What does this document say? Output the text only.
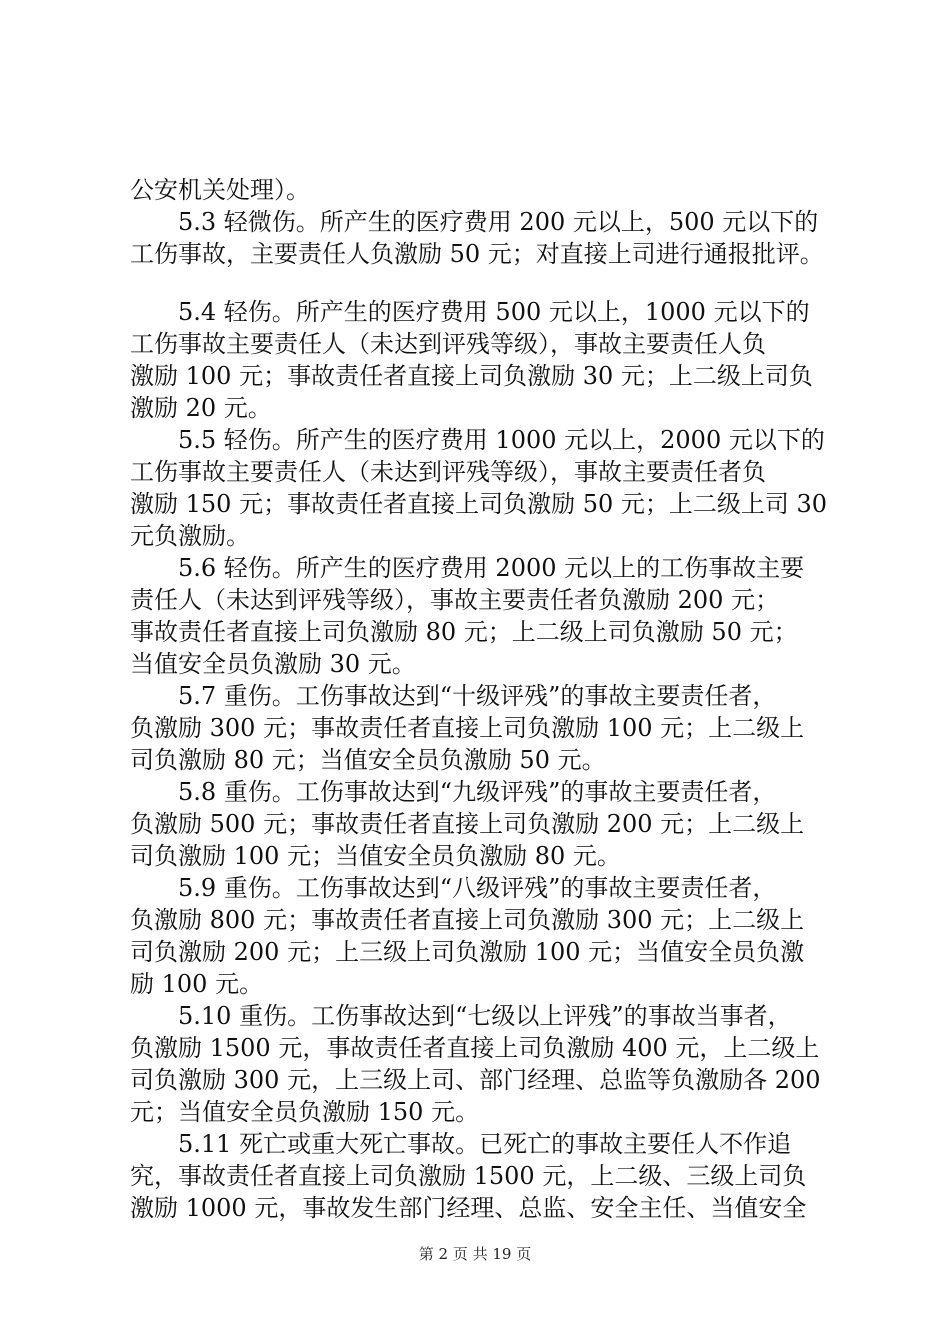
公安机关处理）。
5.3 轻微伤。所产生的医疗费用 200 元以上，500 元以下的
工伤事故，主要责任人负激励 50 元；对直接上司进行通报批评。
5.4 轻伤。所产生的医疗费用 500 元以上，1000 元以下的
工伤事故主要责任人（未达到评残等级），事故主要责任人负
激励 100 元；事故责任者直接上司负激励 30 元；上二级上司负
激励 20 元。
5.5 轻伤。所产生的医疗费用 1000 元以上，2000 元以下的
工伤事故主要责任人（未达到评残等级），事故主要责任者负
激励 150 元；事故责任者直接上司负激励 50 元；上二级上司 30
元负激励。
5.6 轻伤。所产生的医疗费用 2000 元以上的工伤事故主要
责任人（未达到评残等级），事故主要责任者负激励 200 元；
事故责任者直接上司负激励 80 元；上二级上司负激励 50 元；
当值安全员负激励 30 元。
5.7 重伤。工伤事故达到“十级评残”的事故主要责任者，
负激励 300 元；事故责任者直接上司负激励 100 元；上二级上
司负激励 80 元；当值安全员负激励 50 元。
5.8 重伤。工伤事故达到“九级评残”的事故主要责任者，
负激励 500 元；事故责任者直接上司负激励 200 元；上二级上
司负激励 100 元；当值安全员负激励 80 元。
5.9 重伤。工伤事故达到“八级评残”的事故主要责任者，
负激励 800 元；事故责任者直接上司负激励 300 元；上二级上
司负激励 200 元；上三级上司负激励 100 元；当值安全员负激
励 100 元。
5.10 重伤。工伤事故达到“七级以上评残”的事故当事者，
负激励 1500 元，事故责任者直接上司负激励 400 元，上二级上
司负激励 300 元，上三级上司、部门经理、总监等负激励各 200
元；当值安全员负激励 150 元。
5.11 死亡或重大死亡事故。已死亡的事故主要任人不作追
究，事故责任者直接上司负激励 1500 元，上二级、三级上司负
激励 1000 元，事故发生部门经理、总监、安全主任、当值安全
第 2 页 共 19 页
